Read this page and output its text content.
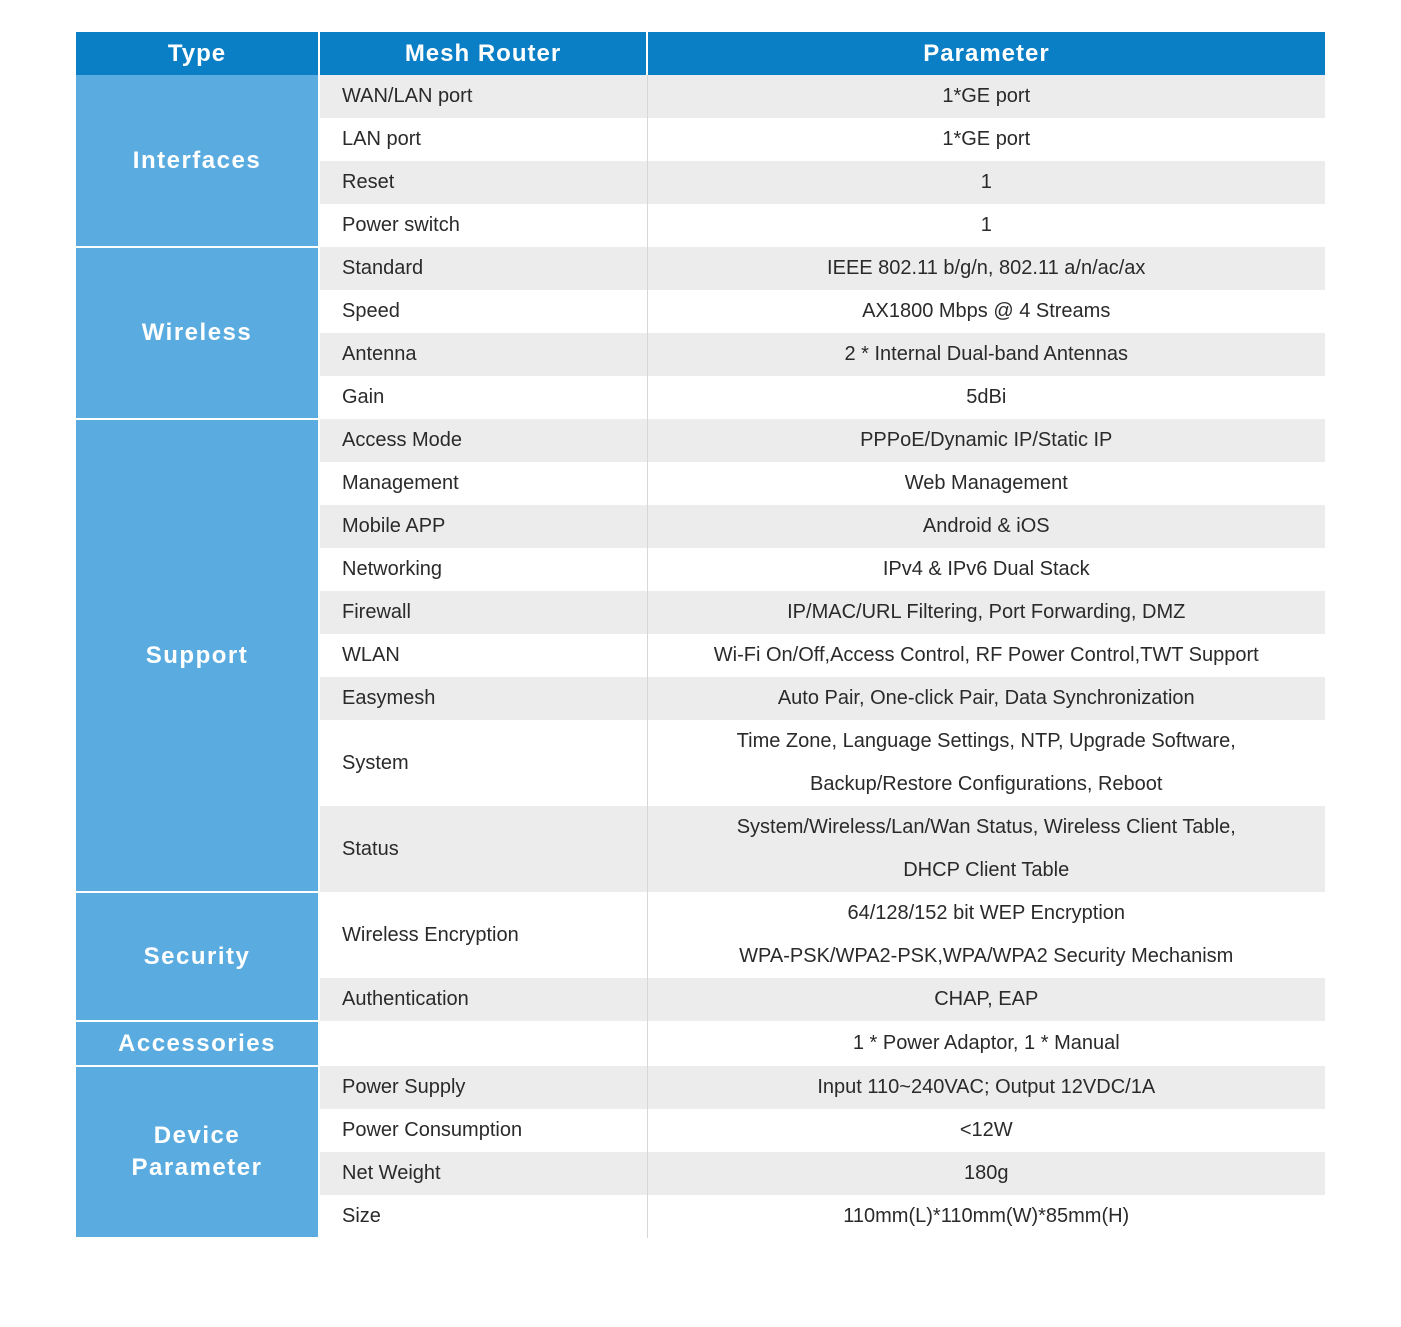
Type	Mesh Router	Parameter
Interfaces	WAN/LAN port	1*GE port
	LAN port	1*GE port
	Reset	1
	Power switch	1
Wireless	Standard	IEEE 802.11 b/g/n, 802.11 a/n/ac/ax
	Speed	AX1800 Mbps @ 4 Streams
	Antenna	2 * Internal Dual-band Antennas
	Gain	5dBi
Support	Access Mode	PPPoE/Dynamic IP/Static IP
	Management	Web Management
	Mobile APP	Android & iOS
	Networking	IPv4 & IPv6 Dual Stack
	Firewall	IP/MAC/URL Filtering, Port Forwarding, DMZ
	WLAN	Wi-Fi On/Off,Access Control, RF Power Control,TWT Support
	Easymesh	Auto Pair, One-click Pair, Data Synchronization
	System	Time Zone, Language Settings, NTP, Upgrade Software,
Backup/Restore Configurations, Reboot

	Status	System/Wireless/Lan/Wan Status, Wireless Client Table,
DHCP Client Table

Security	Wireless Encryption	64/128/152 bit WEP Encryption
WPA-PSK/WPA2-PSK,WPA/WPA2 Security Mechanism

	Authentication	CHAP, EAP
Accessories		1 * Power Adaptor, 1 * Manual

Device
Parameter	Power Supply	Input 110~240VAC; Output 12VDC/1A
	Power Consumption	<12W
	Net Weight	180g
	Size	110mm(L)*110mm(W)*85mm(H)
